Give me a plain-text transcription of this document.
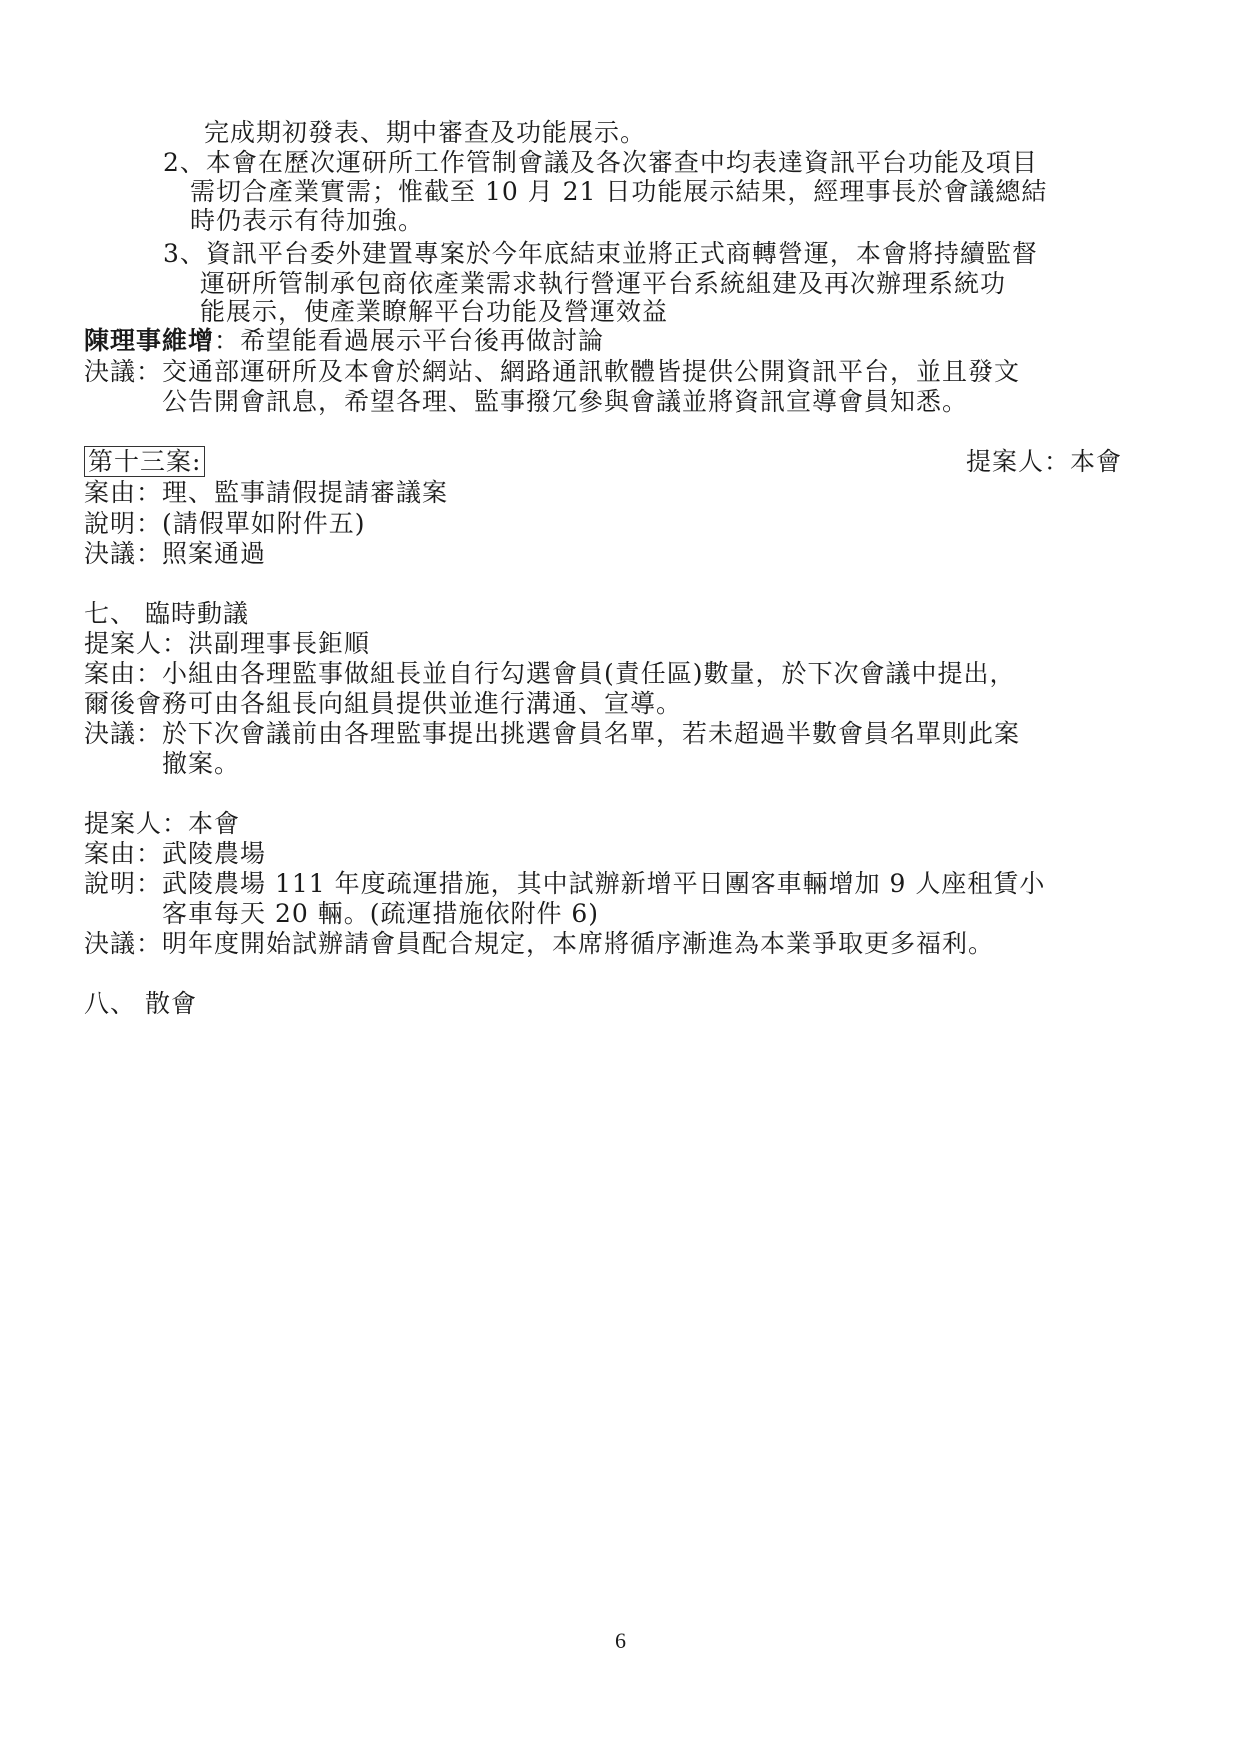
完成期初發表、期中審查及功能展示。
2、本會在歷次運研所工作管制會議及各次審查中均表達資訊平台功能及項目
需切合產業實需；惟截至 10 月 21 日功能展示結果，經理事長於會議總結
時仍表示有待加強。
3、資訊平台委外建置專案於今年底結束並將正式商轉營運，本會將持續監督
運研所管制承包商依產業需求執行營運平台系統組建及再次辦理系統功
能展示，使產業瞭解平台功能及營運效益
陳理事維增：希望能看過展示平台後再做討論
決議：交通部運研所及本會於網站、網路通訊軟體皆提供公開資訊平台，並且發文
公告開會訊息，希望各理、監事撥冗參與會議並將資訊宣導會員知悉。
第十三案:	提案人：本會
案由：理、監事請假提請審議案
說明：(請假單如附件五)
決議：照案通過
七、 臨時動議
提案人：洪副理事長鉅順
案由：小組由各理監事做組長並自行勾選會員(責任區)數量，於下次會議中提出，
爾後會務可由各組長向組員提供並進行溝通、宣導。
決議：於下次會議前由各理監事提出挑選會員名單，若未超過半數會員名單則此案
撤案。
提案人：本會
案由：武陵農場
說明：武陵農場 111 年度疏運措施，其中試辦新增平日團客車輛增加 9 人座租賃小
客車每天 20 輛。(疏運措施依附件 6)
決議：明年度開始試辦請會員配合規定，本席將循序漸進為本業爭取更多福利。
八、 散會
6
